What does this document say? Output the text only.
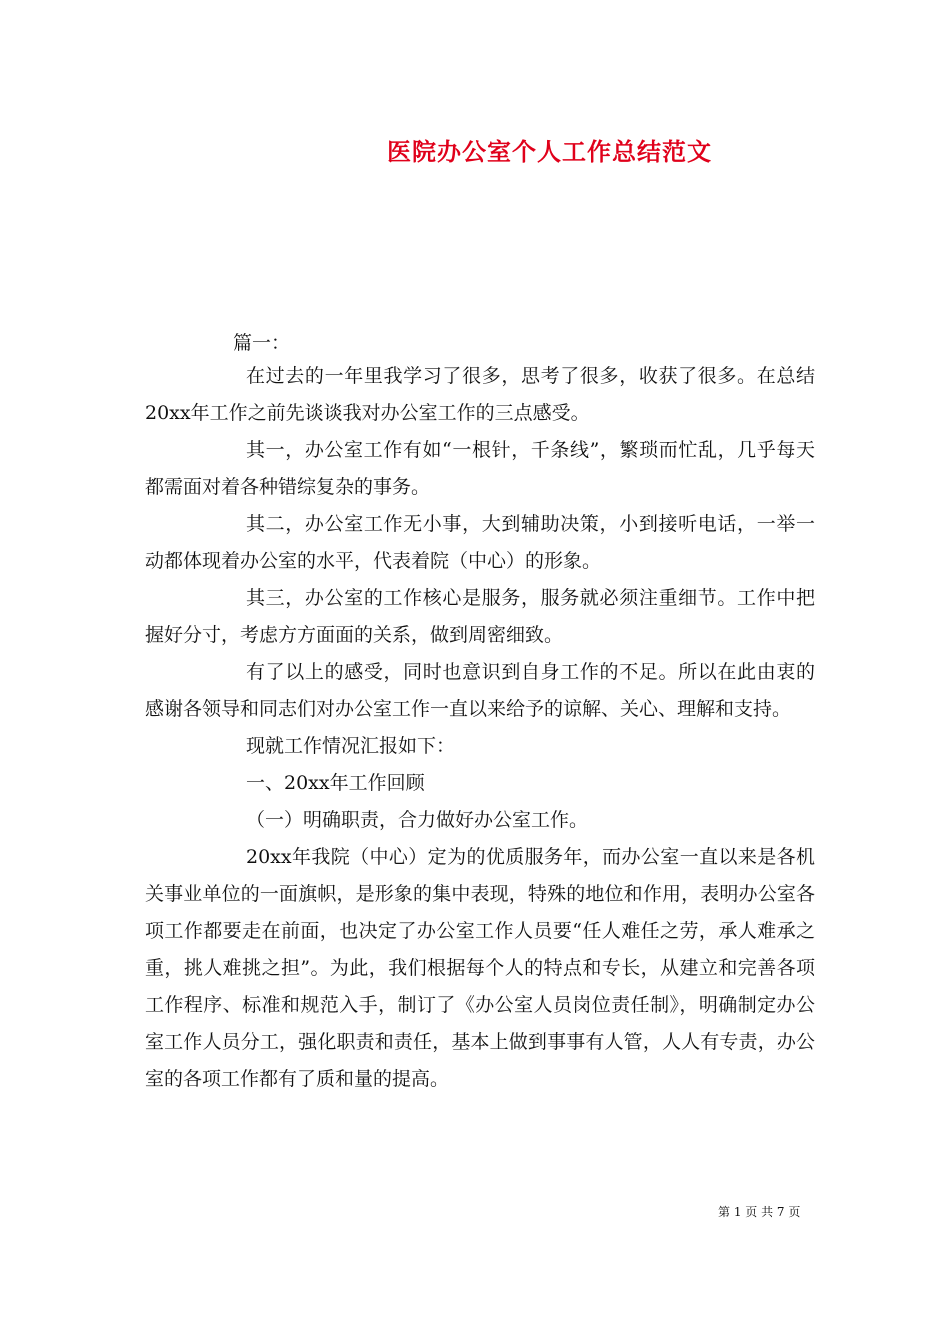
医院办公室个人工作总结范文
篇一：

在过去的一年里我学习了很多，思考了很多，收获了很多。在总结20xx年工作之前先谈谈我对办公室工作的三点感受。

其一，办公室工作有如“一根针，千条线”，繁琐而忙乱，几乎每天都需面对着各种错综复杂的事务。

其二，办公室工作无小事，大到辅助决策，小到接听电话，一举一动都体现着办公室的水平，代表着院（中心）的形象。

其三，办公室的工作核心是服务，服务就必须注重细节。工作中把握好分寸，考虑方方面面的关系，做到周密细致。

有了以上的感受，同时也意识到自身工作的不足。所以在此由衷的感谢各领导和同志们对办公室工作一直以来给予的谅解、关心、理解和支持。

现就工作情况汇报如下：

一、20xx年工作回顾

（一）明确职责，合力做好办公室工作。

20xx年我院（中心）定为的优质服务年，而办公室一直以来是各机关事业单位的一面旗帜，是形象的集中表现，特殊的地位和作用，表明办公室各项工作都要走在前面，也决定了办公室工作人员要“任人难任之劳，承人难承之重，挑人难挑之担”。为此，我们根据每个人的特点和专长，从建立和完善各项工作程序、标准和规范入手，制订了《办公室人员岗位责任制》，明确制定办公室工作人员分工，强化职责和责任，基本上做到事事有人管，人人有专责，办公室的各项工作都有了质和量的提高。

第 1 页 共 7 页
